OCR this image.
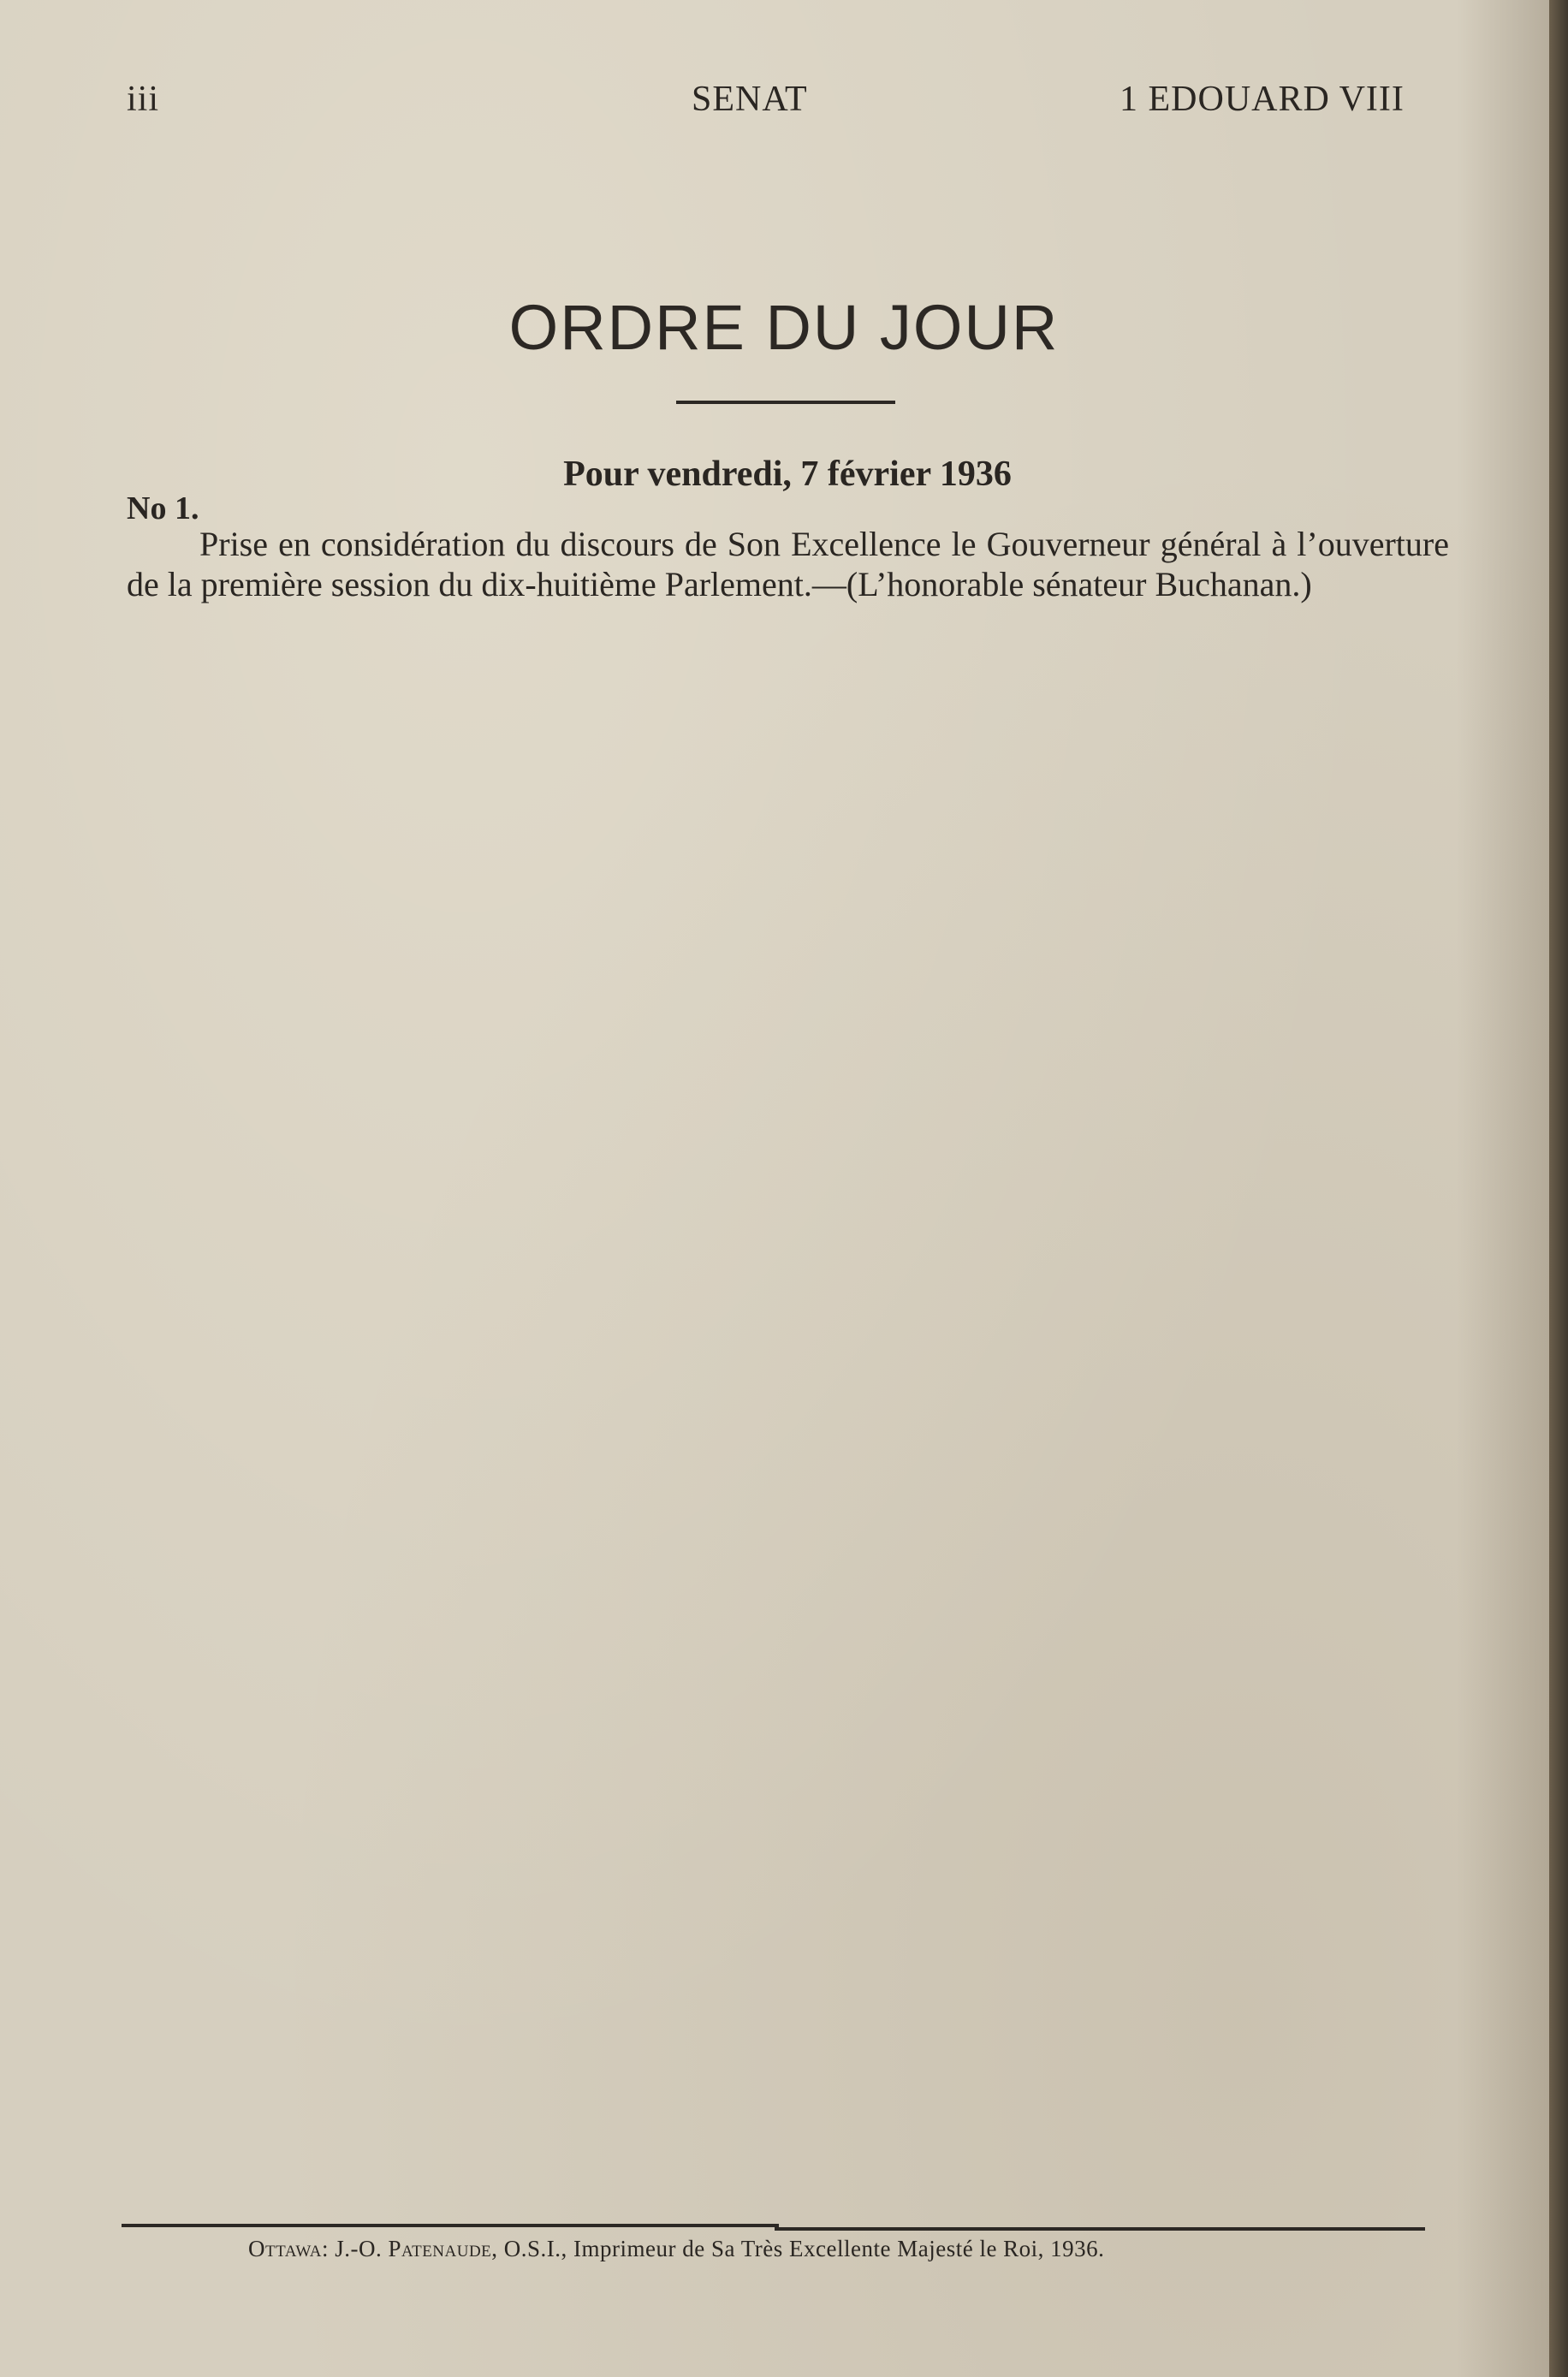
iii	SENAT	1 EDOUARD VIII
ORDRE DU JOUR
Pour vendredi, 7 février 1936
No 1.
Prise en considération du discours de Son Excellence le Gouverneur général à l’ouverture de la première session du dix-huitième Parlement.—(L’honorable sénateur Buchanan.)
Ottawa: J.-O. Patenaude, O.S.I., Imprimeur de Sa Très Excellente Majesté le Roi, 1936.
